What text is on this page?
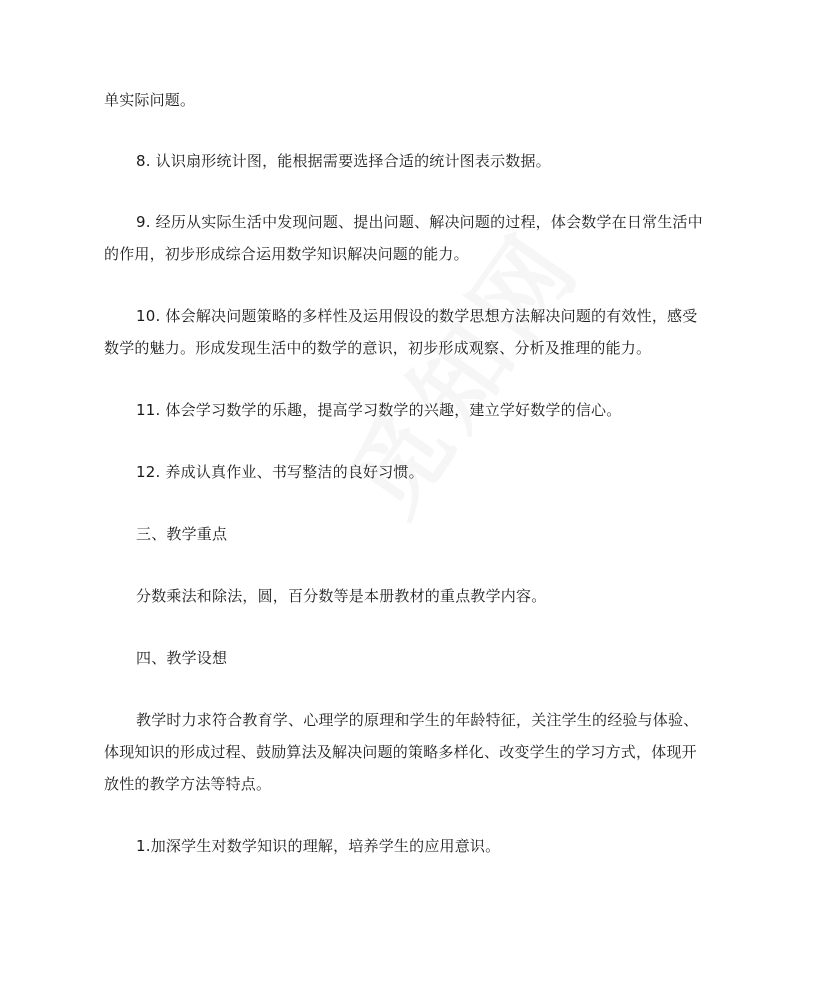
单实际问题。
8. 认识扇形统计图，能根据需要选择合适的统计图表示数据。
9. 经历从实际生活中发现问题、提出问题、解决问题的过程，体会数学在日常生活中
的作用，初步形成综合运用数学知识解决问题的能力。
10. 体会解决问题策略的多样性及运用假设的数学思想方法解决问题的有效性，感受
数学的魅力。形成发现生活中的数学的意识，初步形成观察、分析及推理的能力。
11. 体会学习数学的乐趣，提高学习数学的兴趣，建立学好数学的信心。
12. 养成认真作业、书写整洁的良好习惯。
三、教学重点
分数乘法和除法，圆，百分数等是本册教材的重点教学内容。
四、教学设想
教学时力求符合教育学、心理学的原理和学生的年龄特征，关注学生的经验与体验、
体现知识的形成过程、鼓励算法及解决问题的策略多样化、改变学生的学习方式，体现开
放性的教学方法等特点。
1.加深学生对数学知识的理解，培养学生的应用意识。
